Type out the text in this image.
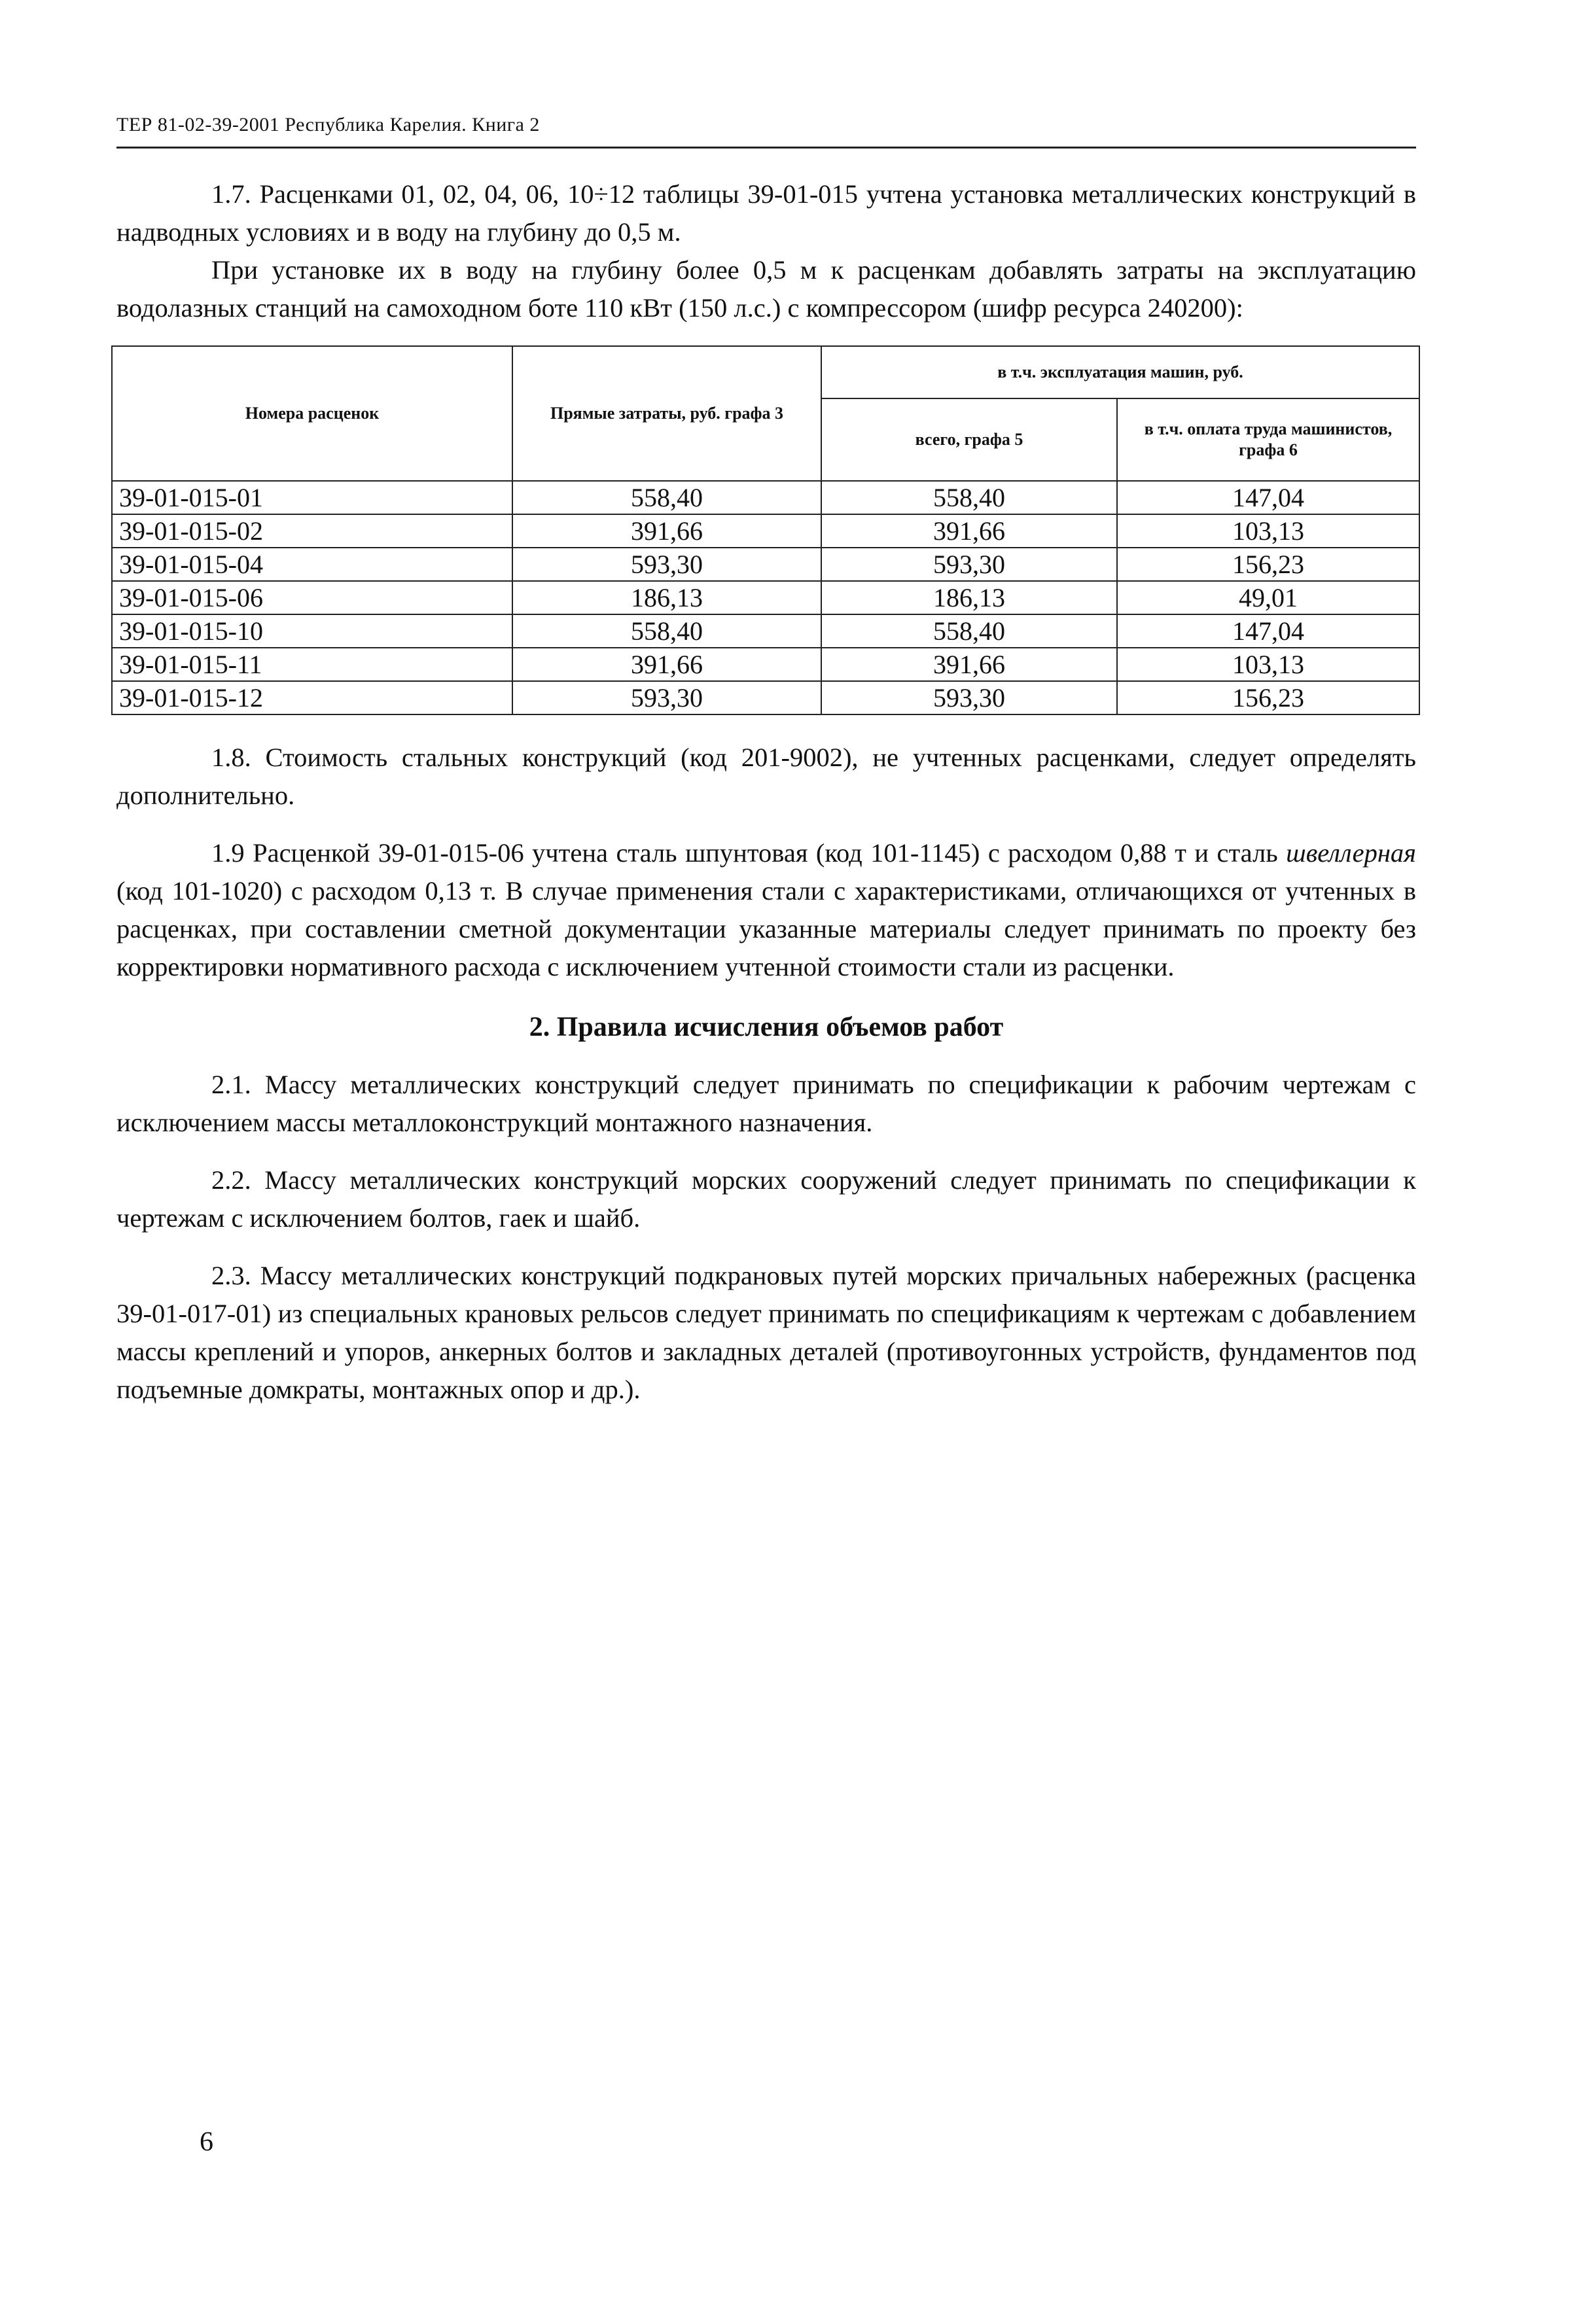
ТЕР 81-02-39-2001 Республика Карелия. Книга 2

1.7. Расценками 01, 02, 04, 06, 10÷12 таблицы 39-01-015 учтена установка металлических конструкций в надводных условиях и в воду на глубину до 0,5 м.

При установке их в воду на глубину более 0,5 м к расценкам добавлять затраты на эксплуатацию водолазных станций на самоходном боте 110 кВт (150 л.с.) с компрессором (шифр ресурса 240200):

Номера расценок	Прямые затраты, руб. графа 3	в т.ч. эксплуатация машин, руб.	
		всего, графа 5	в т.ч. оплата труда машинистов, графа 6
39-01-015-01	558,40	558,40	147,04
39-01-015-02	391,66	391,66	103,13
39-01-015-04	593,30	593,30	156,23
39-01-015-06	186,13	186,13	49,01
39-01-015-10	558,40	558,40	147,04
39-01-015-11	391,66	391,66	103,13
39-01-015-12	593,30	593,30	156,23

1.8. Стоимость стальных конструкций (код 201-9002), не учтенных расценками, следует определять дополнительно.

1.9 Расценкой 39-01-015-06 учтена сталь шпунтовая (код 101-1145) с расходом 0,88 т и сталь швеллерная (код 101-1020) с расходом 0,13 т. В случае применения стали с характеристиками, отличающихся от учтенных в расценках, при составлении сметной документации указанные материалы следует принимать по проекту без корректировки нормативного расхода с исключением учтенной стоимости стали из расценки.

2. Правила исчисления объемов работ

2.1. Массу металлических конструкций следует принимать по спецификации к рабочим чертежам с исключением массы металлоконструкций монтажного назначения.

2.2. Массу металлических конструкций морских сооружений следует принимать по спецификации к чертежам с исключением болтов, гаек и шайб.

2.3. Массу металлических конструкций подкрановых путей морских причальных набережных (расценка 39-01-017-01) из специальных крановых рельсов следует принимать по спецификациям к чертежам с добавлением массы креплений и упоров, анкерных болтов и закладных деталей (противоугонных устройств, фундаментов под подъемные домкраты, монтажных опор и др.).

6
